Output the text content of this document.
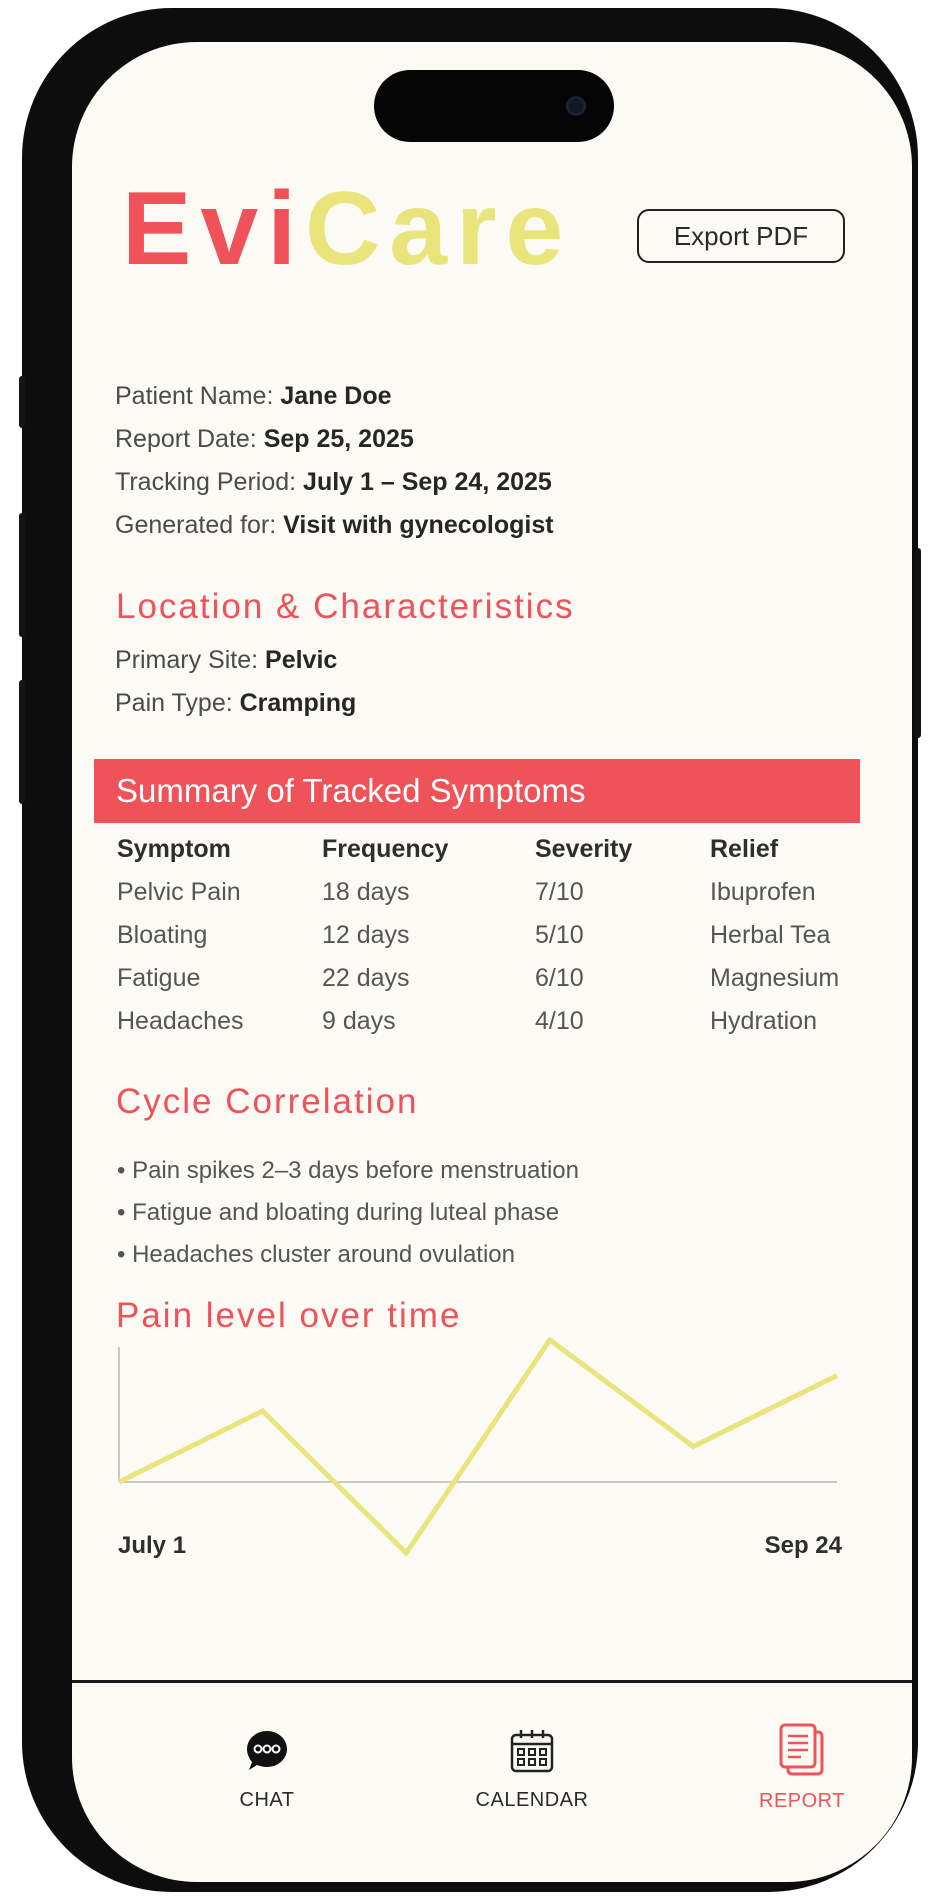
EviCare	Export PDF
Patient Name: Jane Doe
Report Date: Sep 25, 2025
Tracking Period: July 1 – Sep 24, 2025
Generated for: Visit with gynecologist
Location & Characteristics
Primary Site: Pelvic
Pain Type: Cramping
Summary of Tracked Symptoms
Symptom	Frequency	Severity	Relief
Pelvic Pain	18 days	7/10	Ibuprofen
Bloating	12 days	5/10	Herbal Tea
Fatigue	22 days	6/10	Magnesium
Headaches	9 days	4/10	Hydration
Cycle Correlation
• Pain spikes 2–3 days before menstruation
• Fatigue and bloating during luteal phase
• Headaches cluster around ovulation
Pain level over time
July 1	Sep 24
CHAT	CALENDAR	REPORT
